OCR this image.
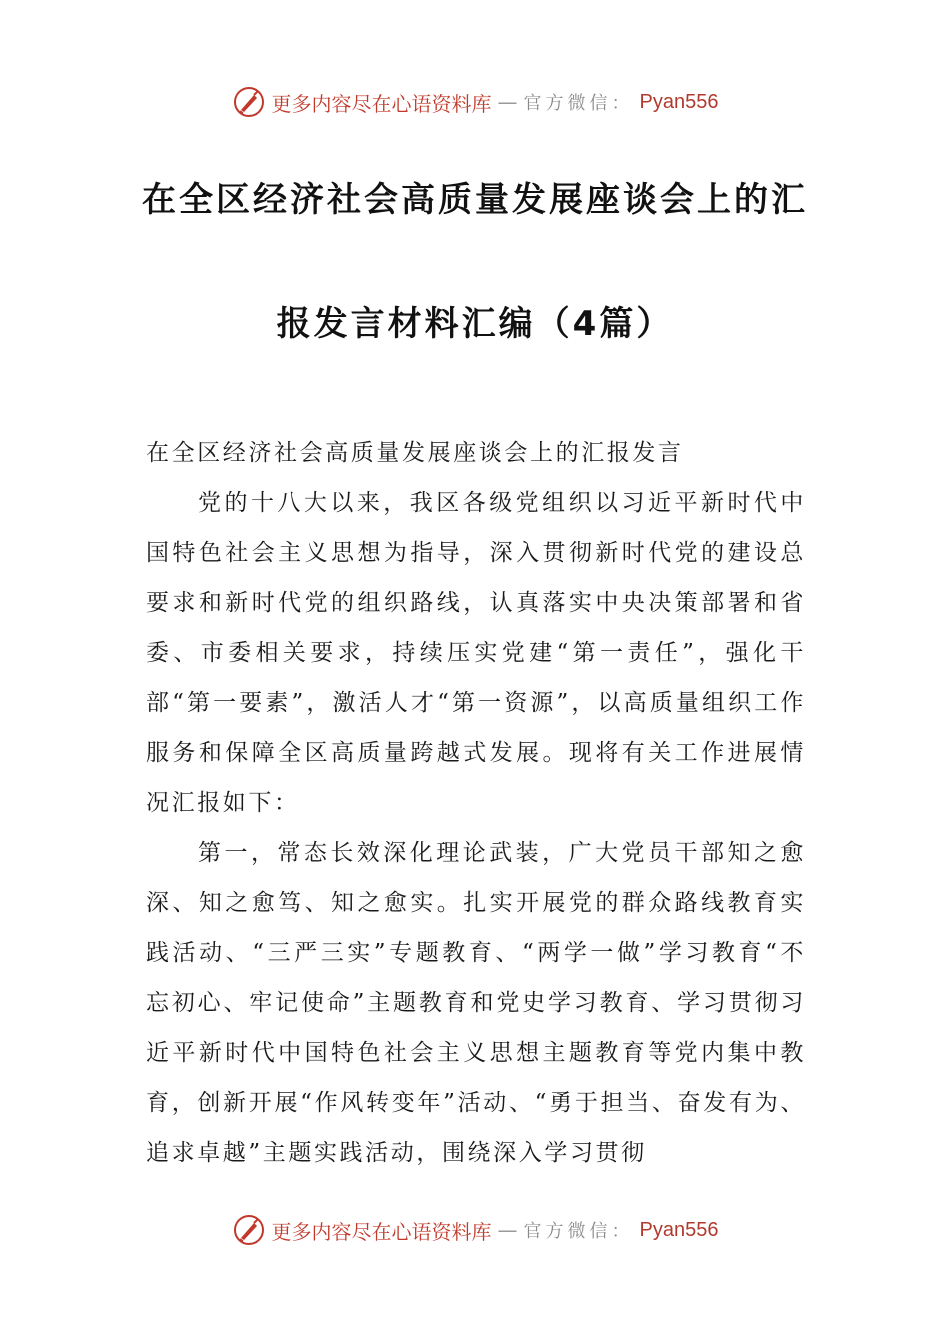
更多内容尽在心语资料库 — 官方微信： Pyan556
在全区经济社会高质量发展座谈会上的汇
报发言材料汇编（4篇）

在全区经济社会高质量发展座谈会上的汇报发言

党的十八大以来，我区各级党组织以习近平新时代中国特色社会主义思想为指导，深入贯彻新时代党的建设总要求和新时代党的组织路线，认真落实中央决策部署和省委、市委相关要求，持续压实党建“第一责任”，强化干部“第一要素”，激活人才“第一资源”，以高质量组织工作服务和保障全区高质量跨越式发展。现将有关工作进展情况汇报如下：

第一，常态长效深化理论武装，广大党员干部知之愈深、知之愈笃、知之愈实。扎实开展党的群众路线教育实践活动、“三严三实”专题教育、“两学一做”学习教育“不忘初心、牢记使命”主题教育和党史学习教育、学习贯彻习近平新时代中国特色社会主义思想主题教育等党内集中教育，创新开展“作风转变年”活动、“勇于担当、奋发有为、追求卓越”主题实践活动，围绕深入学习贯彻

更多内容尽在心语资料库 — 官方微信： Pyan556
